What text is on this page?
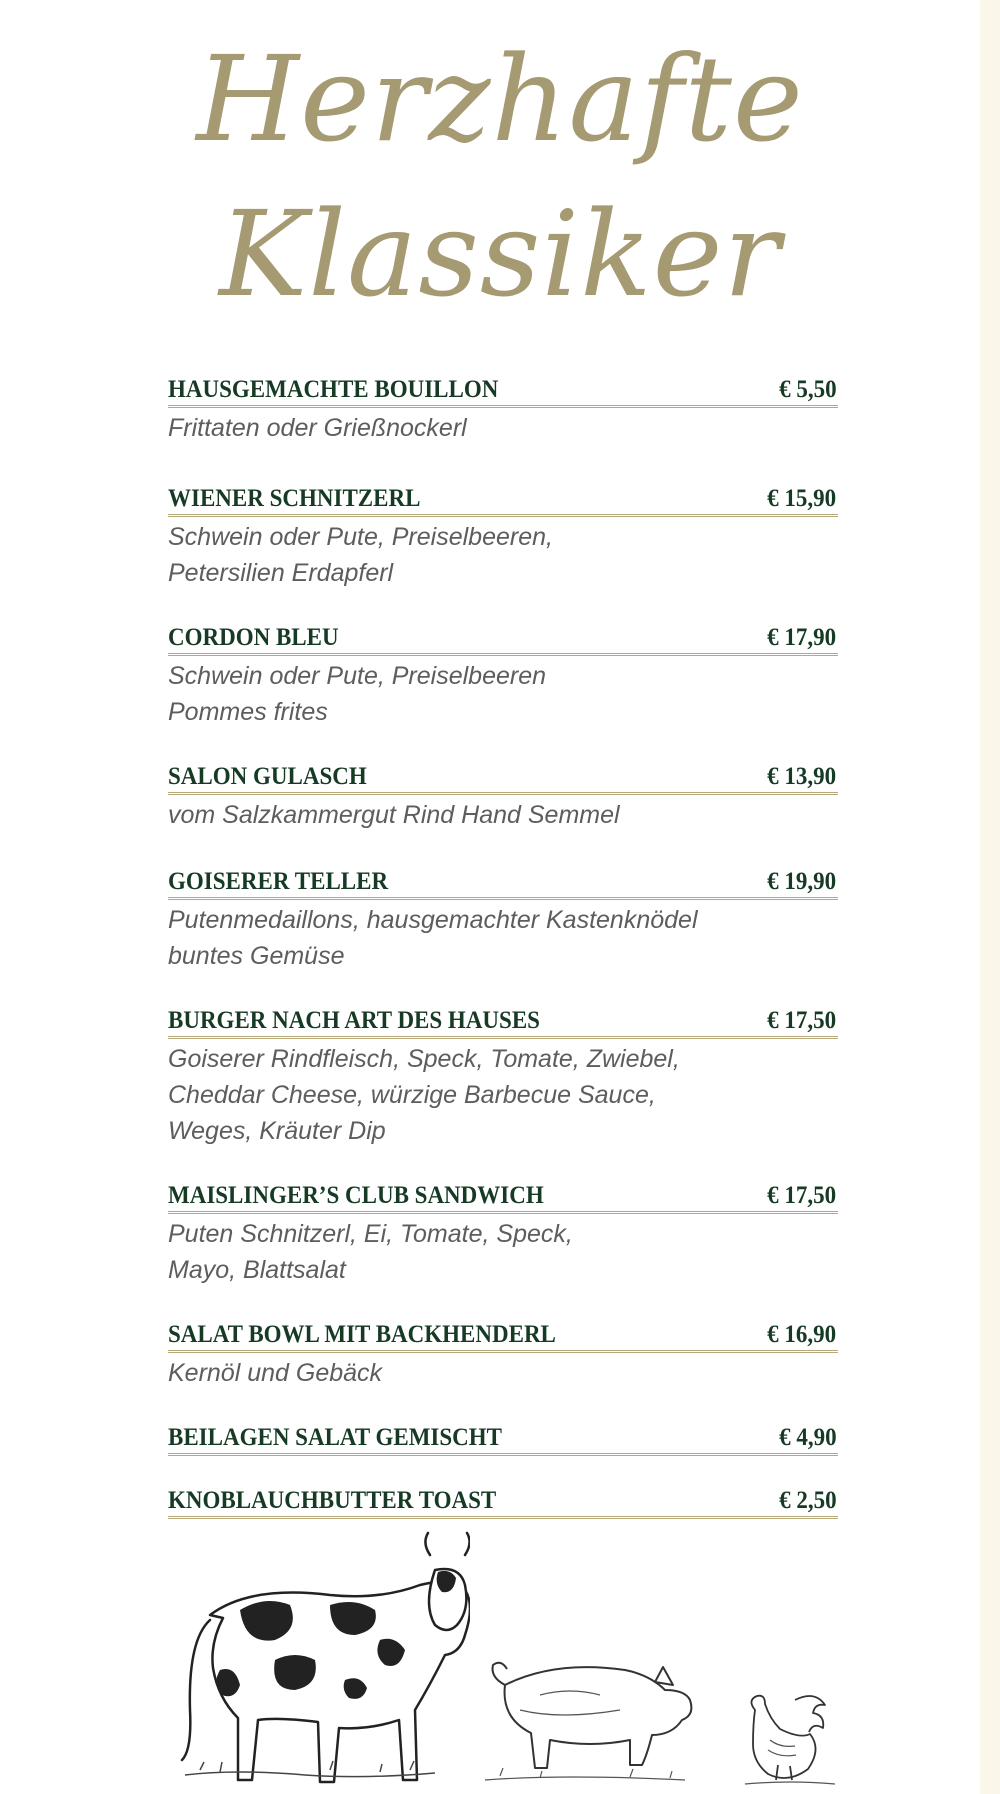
Herzhafte
Klassiker
HAUSGEMACHTE BOUILLON	€ 5,50
Frittaten oder Grießnockerl
WIENER SCHNITZERL	€ 15,90
Schwein oder Pute, Preiselbeeren,
Petersilien Erdapferl
CORDON BLEU	€ 17,90
Schwein oder Pute, Preiselbeeren
Pommes frites
SALON GULASCH	€ 13,90
vom Salzkammergut Rind Hand Semmel
GOISERER TELLER	€ 19,90
Putenmedaillons, hausgemachter Kastenknödel
buntes Gemüse
BURGER NACH ART DES HAUSES	€ 17,50
Goiserer Rindfleisch, Speck, Tomate, Zwiebel,
Cheddar Cheese, würzige Barbecue Sauce,
Weges, Kräuter Dip
MAISLINGER’S CLUB SANDWICH	€ 17,50
Puten Schnitzerl, Ei, Tomate, Speck,
Mayo, Blattsalat
SALAT BOWL MIT BACKHENDERL	€ 16,90
Kernöl und Gebäck
BEILAGEN SALAT GEMISCHT	€ 4,90
KNOBLAUCHBUTTER TOAST	€ 2,50
